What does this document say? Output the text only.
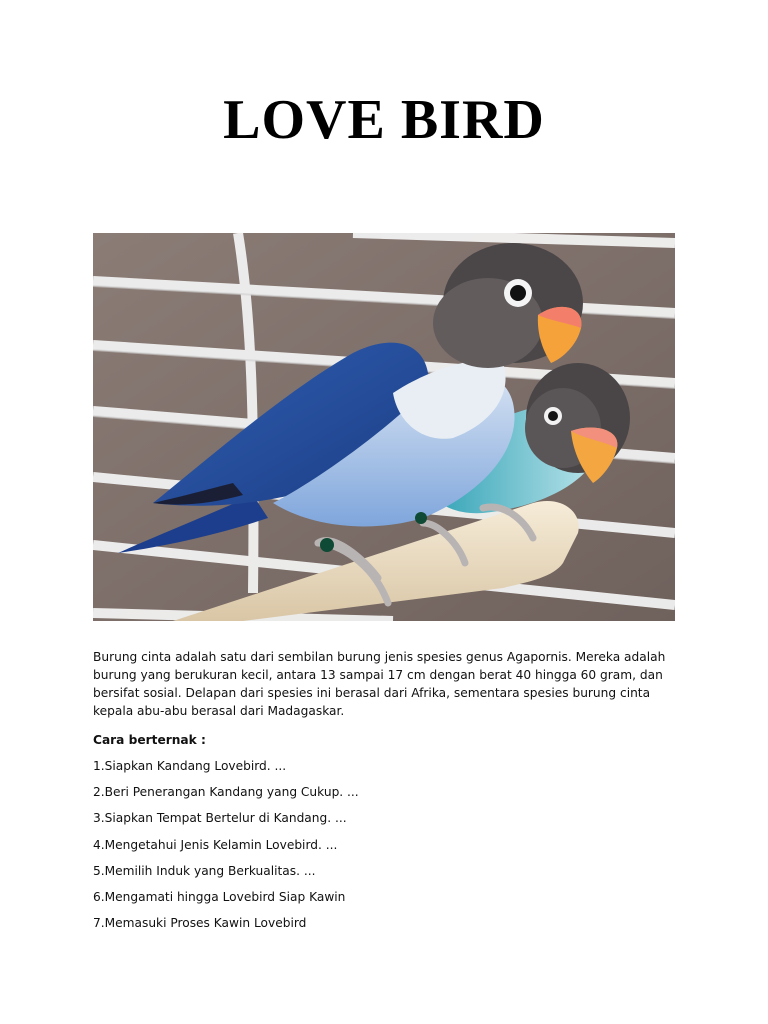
LOVE BIRD

Burung cinta adalah satu dari sembilan burung jenis spesies genus Agapornis. Mereka adalah burung yang berukuran kecil, antara 13 sampai 17 cm dengan berat 40 hingga 60 gram, dan bersifat sosial. Delapan dari spesies ini berasal dari Afrika, sementara spesies burung cinta kepala abu-abu berasal dari Madagaskar.

Cara berternak :
1.Siapkan Kandang Lovebird. ...
2.Beri Penerangan Kandang yang Cukup. ...
3.Siapkan Tempat Bertelur di Kandang. ...
4.Mengetahui Jenis Kelamin Lovebird. ...
5.Memilih Induk yang Berkualitas. ...
6.Mengamati hingga Lovebird Siap Kawin
7.Memasuki Proses Kawin Lovebird
